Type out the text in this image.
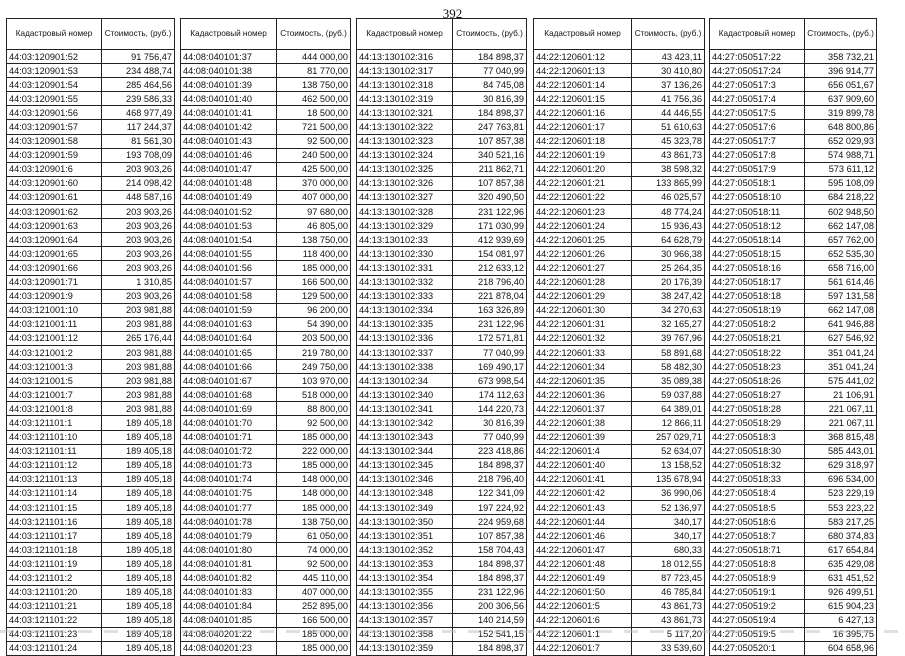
392
Кадастровый номер	Стоимость, (руб.)
44:03:120901:52	91 756,47
44:03:120901:53	234 488,74
44:03:120901:54	285 464,56
44:03:120901:55	239 586,33
44:03:120901:56	468 977,49
44:03:120901:57	117 244,37
44:03:120901:58	81 561,30
44:03:120901:59	193 708,09
44:03:120901:6	203 903,26
44:03:120901:60	214 098,42
44:03:120901:61	448 587,16
44:03:120901:62	203 903,26
44:03:120901:63	203 903,26
44:03:120901:64	203 903,26
44:03:120901:65	203 903,26
44:03:120901:66	203 903,26
44:03:120901:71	1 310,85
44:03:120901:9	203 903,26
44:03:121001:10	203 981,88
44:03:121001:11	203 981,88
44:03:121001:12	265 176,44
44:03:121001:2	203 981,88
44:03:121001:3	203 981,88
44:03:121001:5	203 981,88
44:03:121001:7	203 981,88
44:03:121001:8	203 981,88
44:03:121101:1	189 405,18
44:03:121101:10	189 405,18
44:03:121101:11	189 405,18
44:03:121101:12	189 405,18
44:03:121101:13	189 405,18
44:03:121101:14	189 405,18
44:03:121101:15	189 405,18
44:03:121101:16	189 405,18
44:03:121101:17	189 405,18
44:03:121101:18	189 405,18
44:03:121101:19	189 405,18
44:03:121101:2	189 405,18
44:03:121101:20	189 405,18
44:03:121101:21	189 405,18
44:03:121101:22	189 405,18
44:03:121101:23	189 405,18
44:03:121101:24	189 405,18
Кадастровый номер	Стоимость, (руб.)
44:08:040101:37	444 000,00
44:08:040101:38	81 770,00
44:08:040101:39	138 750,00
44:08:040101:40	462 500,00
44:08:040101:41	18 500,00
44:08:040101:42	721 500,00
44:08:040101:43	92 500,00
44:08:040101:46	240 500,00
44:08:040101:47	425 500,00
44:08:040101:48	370 000,00
44:08:040101:49	407 000,00
44:08:040101:52	97 680,00
44:08:040101:53	46 805,00
44:08:040101:54	138 750,00
44:08:040101:55	118 400,00
44:08:040101:56	185 000,00
44:08:040101:57	166 500,00
44:08:040101:58	129 500,00
44:08:040101:59	96 200,00
44:08:040101:63	54 390,00
44:08:040101:64	203 500,00
44:08:040101:65	219 780,00
44:08:040101:66	249 750,00
44:08:040101:67	103 970,00
44:08:040101:68	518 000,00
44:08:040101:69	88 800,00
44:08:040101:70	92 500,00
44:08:040101:71	185 000,00
44:08:040101:72	222 000,00
44:08:040101:73	185 000,00
44:08:040101:74	148 000,00
44:08:040101:75	148 000,00
44:08:040101:77	185 000,00
44:08:040101:78	138 750,00
44:08:040101:79	61 050,00
44:08:040101:80	74 000,00
44:08:040101:81	92 500,00
44:08:040101:82	445 110,00
44:08:040101:83	407 000,00
44:08:040101:84	252 895,00
44:08:040101:85	166 500,00
44:08:040201:22	185 000,00
44:08:040201:23	185 000,00
Кадастровый номер	Стоимость, (руб.)
44:13:130102:316	184 898,37
44:13:130102:317	77 040,99
44:13:130102:318	84 745,08
44:13:130102:319	30 816,39
44:13:130102:321	184 898,37
44:13:130102:322	247 763,81
44:13:130102:323	107 857,38
44:13:130102:324	340 521,16
44:13:130102:325	211 862,71
44:13:130102:326	107 857,38
44:13:130102:327	320 490,50
44:13:130102:328	231 122,96
44:13:130102:329	171 030,99
44:13:130102:33	412 939,69
44:13:130102:330	154 081,97
44:13:130102:331	212 633,12
44:13:130102:332	218 796,40
44:13:130102:333	221 878,04
44:13:130102:334	163 326,89
44:13:130102:335	231 122,96
44:13:130102:336	172 571,81
44:13:130102:337	77 040,99
44:13:130102:338	169 490,17
44:13:130102:34	673 998,54
44:13:130102:340	174 112,63
44:13:130102:341	144 220,73
44:13:130102:342	30 816,39
44:13:130102:343	77 040,99
44:13:130102:344	223 418,86
44:13:130102:345	184 898,37
44:13:130102:346	218 796,40
44:13:130102:348	122 341,09
44:13:130102:349	197 224,92
44:13:130102:350	224 959,68
44:13:130102:351	107 857,38
44:13:130102:352	158 704,43
44:13:130102:353	184 898,37
44:13:130102:354	184 898,37
44:13:130102:355	231 122,96
44:13:130102:356	200 306,56
44:13:130102:357	140 214,59
44:13:130102:358	152 541,15
44:13:130102:359	184 898,37
Кадастровый номер	Стоимость, (руб.)
44:22:120601:12	43 423,11
44:22:120601:13	30 410,80
44:22:120601:14	37 136,26
44:22:120601:15	41 756,36
44:22:120601:16	44 446,55
44:22:120601:17	51 610,63
44:22:120601:18	45 323,78
44:22:120601:19	43 861,73
44:22:120601:20	38 598,32
44:22:120601:21	133 865,99
44:22:120601:22	46 025,57
44:22:120601:23	48 774,24
44:22:120601:24	15 936,43
44:22:120601:25	64 628,79
44:22:120601:26	30 966,38
44:22:120601:27	25 264,35
44:22:120601:28	20 176,39
44:22:120601:29	38 247,42
44:22:120601:30	34 270,63
44:22:120601:31	32 165,27
44:22:120601:32	39 767,96
44:22:120601:33	58 891,68
44:22:120601:34	58 482,30
44:22:120601:35	35 089,38
44:22:120601:36	59 037,88
44:22:120601:37	64 389,01
44:22:120601:38	12 866,11
44:22:120601:39	257 029,71
44:22:120601:4	52 634,07
44:22:120601:40	13 158,52
44:22:120601:41	135 678,94
44:22:120601:42	36 990,06
44:22:120601:43	52 136,97
44:22:120601:44	340,17
44:22:120601:46	340,17
44:22:120601:47	680,33
44:22:120601:48	18 012,55
44:22:120601:49	87 723,45
44:22:120601:50	46 785,84
44:22:120601:5	43 861,73
44:22:120601:6	43 861,73
44:22:120601:1	5 117,20
44:22:120601:7	33 539,60
Кадастровый номер	Стоимость, (руб.)
44:27:050517:22	358 732,21
44:27:050517:24	396 914,77
44:27:050517:3	656 051,67
44:27:050517:4	637 909,60
44:27:050517:5	319 899,78
44:27:050517:6	648 800,86
44:27:050517:7	652 029,93
44:27:050517:8	574 988,71
44:27:050517:9	573 611,12
44:27:050518:1	595 108,09
44:27:050518:10	684 218,22
44:27:050518:11	602 948,50
44:27:050518:12	662 147,08
44:27:050518:14	657 762,00
44:27:050518:15	652 535,30
44:27:050518:16	658 716,00
44:27:050518:17	561 614,46
44:27:050518:18	597 131,58
44:27:050518:19	662 147,08
44:27:050518:2	641 946,88
44:27:050518:21	627 546,92
44:27:050518:22	351 041,24
44:27:050518:23	351 041,24
44:27:050518:26	575 441,02
44:27:050518:27	21 106,91
44:27:050518:28	221 067,11
44:27:050518:29	221 067,11
44:27:050518:3	368 815,48
44:27:050518:30	585 443,01
44:27:050518:32	629 318,97
44:27:050518:33	696 534,00
44:27:050518:4	523 229,19
44:27:050518:5	553 223,22
44:27:050518:6	583 217,25
44:27:050518:7	680 374,83
44:27:050518:71	617 654,84
44:27:050518:8	635 429,08
44:27:050518:9	631 451,52
44:27:050519:1	926 499,51
44:27:050519:2	615 904,23
44:27:050519:4	6 427,13
44:27:050519:5	16 395,75
44:27:050520:1	604 658,96
